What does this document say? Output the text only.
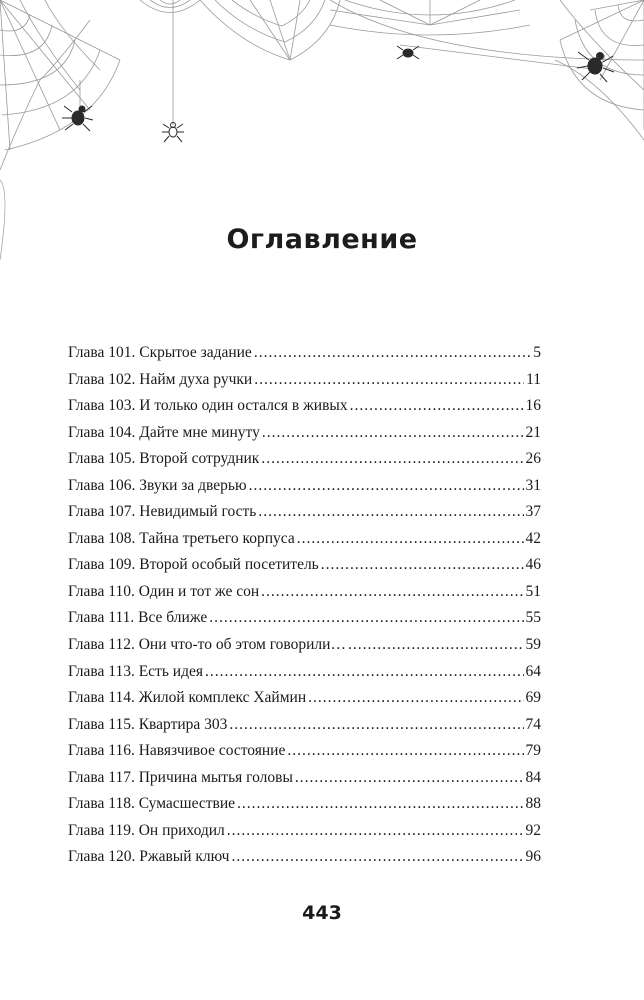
Оглавление
Глава 101. Скрытое задание .....	5
Глава 102. Найм духа ручки .....	11
Глава 103. И только один остался в живых .....	16
Глава 104. Дайте мне минуту .....	21
Глава 105. Второй сотрудник .....	26
Глава 106. Звуки за дверью .....	31
Глава 107. Невидимый гость .....	37
Глава 108. Тайна третьего корпуса .....	42
Глава 109. Второй особый посетитель .....	46
Глава 110. Один и тот же сон .....	51
Глава 111. Все ближе .....	55
Глава 112. Они что-то об этом говорили… .....	59
Глава 113. Есть идея .....	64
Глава 114. Жилой комплекс Хаймин .....	69
Глава 115. Квартира 303 .....	74
Глава 116. Навязчивое состояние .....	79
Глава 117. Причина мытья головы .....	84
Глава 118. Сумасшествие .....	88
Глава 119. Он приходил .....	92
Глава 120. Ржавый ключ .....	96
443
